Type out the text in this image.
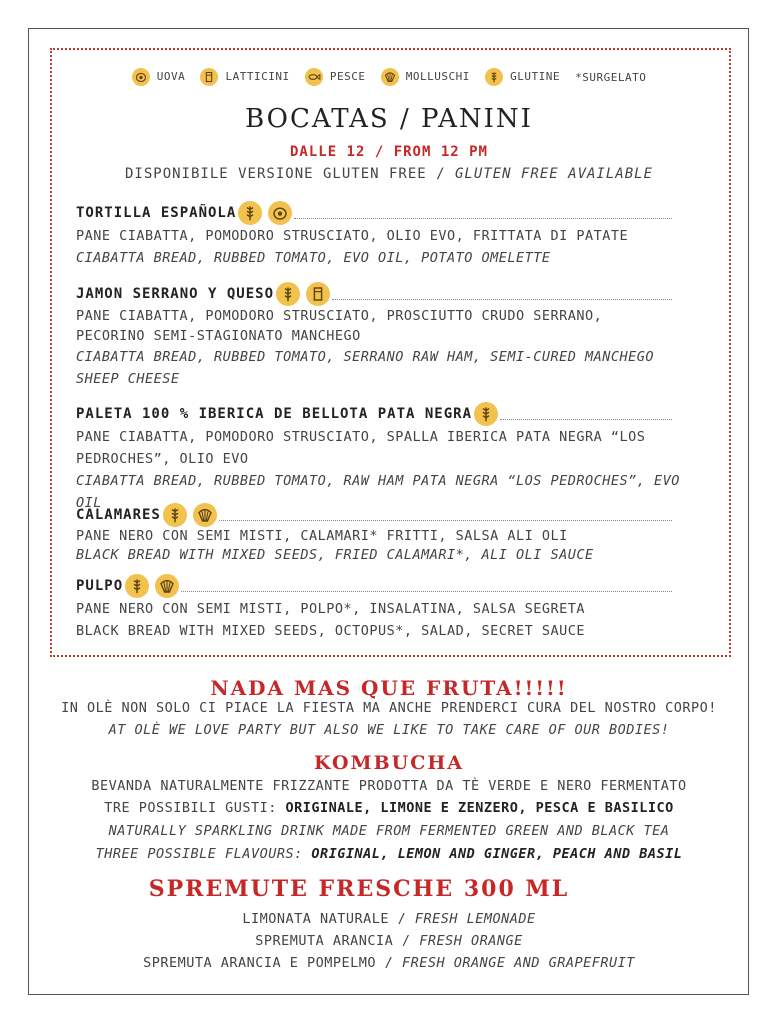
UOVA	LATTICINI	PESCE	MOLLUSCHI	GLUTINE *SURGELATO
BOCATAS / PANINI
DALLE 12 / FROM 12 PM
DISPONIBILE VERSIONE GLUTEN FREE / GLUTEN FREE AVAILABLE
TORTILLA ESPAÑOLA
PANE CIABATTA, POMODORO STRUSCIATO, OLIO EVO, FRITTATA DI PATATE
CIABATTA BREAD, RUBBED TOMATO, EVO OIL, POTATO OMELETTE
JAMON SERRANO Y QUESO
PANE CIABATTA, POMODORO STRUSCIATO, PROSCIUTTO CRUDO SERRANO,
PECORINO SEMI-STAGIONATO MANCHEGO
CIABATTA BREAD, RUBBED TOMATO, SERRANO RAW HAM, SEMI-CURED MANCHEGO
SHEEP CHEESE
PALETA 100 % IBERICA DE BELLOTA PATA NEGRA
PANE CIABATTA, POMODORO STRUSCIATO, SPALLA IBERICA PATA NEGRA “LOS
PEDROCHES”, OLIO EVO
CIABATTA BREAD, RUBBED TOMATO, RAW HAM PATA NEGRA “LOS PEDROCHES”, EVO OIL
CALAMARES
PANE NERO CON SEMI MISTI, CALAMARI* FRITTI, SALSA ALI OLI
BLACK BREAD WITH MIXED SEEDS, FRIED CALAMARI*, ALI OLI SAUCE
PULPO
PANE NERO CON SEMI MISTI, POLPO*, INSALATINA, SALSA SEGRETA
BLACK BREAD WITH MIXED SEEDS, OCTOPUS*, SALAD, SECRET SAUCE
NADA MAS QUE FRUTA!!!!!
IN OLÈ NON SOLO CI PIACE LA FIESTA MA ANCHE PRENDERCI CURA DEL NOSTRO CORPO!
AT OLÈ WE LOVE PARTY BUT ALSO WE LIKE TO TAKE CARE OF OUR BODIES!
KOMBUCHA
BEVANDA NATURALMENTE FRIZZANTE PRODOTTA DA TÈ VERDE E NERO FERMENTATO
TRE POSSIBILI GUSTI: ORIGINALE, LIMONE E ZENZERO, PESCA E BASILICO
NATURALLY SPARKLING DRINK MADE FROM FERMENTED GREEN AND BLACK TEA
THREE POSSIBLE FLAVOURS: ORIGINAL, LEMON AND GINGER, PEACH AND BASIL
SPREMUTE FRESCHE 300 ML
LIMONATA NATURALE / FRESH LEMONADE
SPREMUTA ARANCIA / FRESH ORANGE
SPREMUTA ARANCIA E POMPELMO / FRESH ORANGE AND GRAPEFRUIT
